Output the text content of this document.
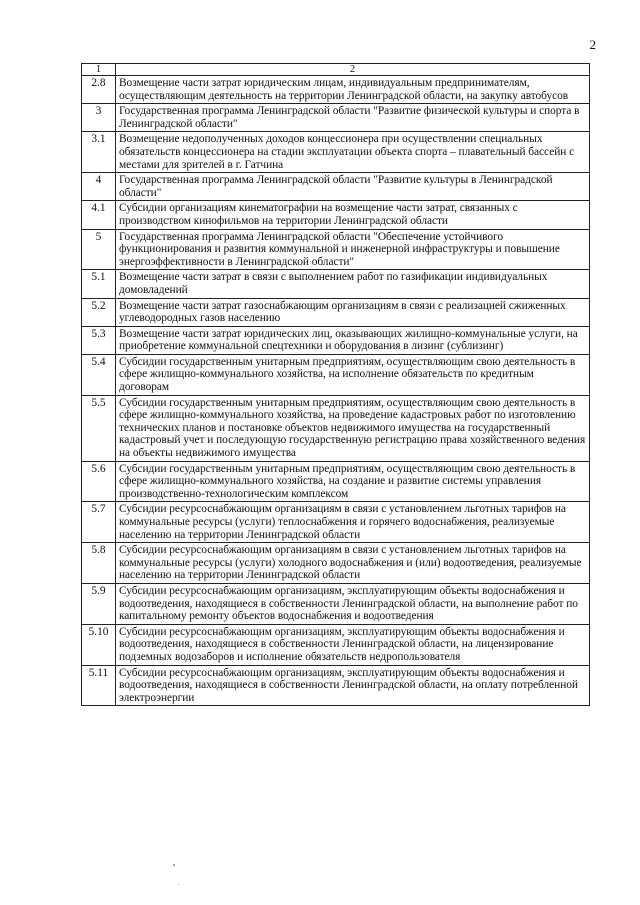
2
1	2
2.8	Возмещение части затрат юридическим лицам, индивидуальным предпринимателям, осуществляющим деятельность на территории Ленинградской области, на закупку автобусов
3	Государственная программа Ленинградской области "Развитие физической культуры и спорта в Ленинградской области"
3.1	Возмещение недополученных доходов концессионера при осуществлении специальных обязательств концессионера на стадии эксплуатации объекта спорта – плавательный бассейн с местами для зрителей в г. Гатчина
4	Государственная программа Ленинградской области "Развитие культуры в Ленинградской области"
4.1	Субсидии организациям кинематографии на возмещение части затрат, связанных с производством кинофильмов на территории Ленинградской области
5	Государственная программа Ленинградской области "Обеспечение устойчивого функционирования и развития коммунальной и инженерной инфраструктуры и повышение энергоэффективности в Ленинградской области"
5.1	Возмещение части затрат в связи с выполнением работ по газификации индивидуальных домовладений
5.2	Возмещение части затрат газоснабжающим организациям в связи с реализацией сжиженных углеводородных газов населению
5.3	Возмещение части затрат юридических лиц, оказывающих жилищно-коммунальные услуги, на приобретение коммунальной спецтехники и оборудования в лизинг (сублизинг)
5.4	Субсидии государственным унитарным предприятиям, осуществляющим свою деятельность в сфере жилищно-коммунального хозяйства, на исполнение обязательств по кредитным договорам
5.5	Субсидии государственным унитарным предприятиям, осуществляющим свою деятельность в сфере жилищно-коммунального хозяйства, на проведение кадастровых работ по изготовлению технических планов и постановке объектов недвижимого имущества на государственный кадастровый учет и последующую государственную регистрацию права хозяйственного ведения на объекты недвижимого имущества
5.6	Субсидии государственным унитарным предприятиям, осуществляющим свою деятельность в сфере жилищно-коммунального хозяйства, на создание и развитие системы управления производственно-технологическим комплексом
5.7	Субсидии ресурсоснабжающим организациям в связи с установлением льготных тарифов на коммунальные ресурсы (услуги) теплоснабжения и горячего водоснабжения, реализуемые населению на территории Ленинградской области
5.8	Субсидии ресурсоснабжающим организациям в связи с установлением льготных тарифов на коммунальные ресурсы (услуги) холодного водоснабжения и (или) водоотведения, реализуемые населению на территории Ленинградской области
5.9	Субсидии ресурсоснабжающим организациям, эксплуатирующим объекты водоснабжения и водоотведения, находящиеся в собственности Ленинградской области, на выполнение работ по капитальному ремонту объектов водоснабжения и водоотведения
5.10	Субсидии ресурсоснабжающим организациям, эксплуатирующим объекты водоснабжения и водоотведения, находящиеся в собственности Ленинградской области, на лицензирование подземных водозаборов и исполнение обязательств недропользователя
5.11	Субсидии ресурсоснабжающим организациям, эксплуатирующим объекты водоснабжения и водоотведения, находящиеся в собственности Ленинградской области, на оплату потребленной электроэнергии
